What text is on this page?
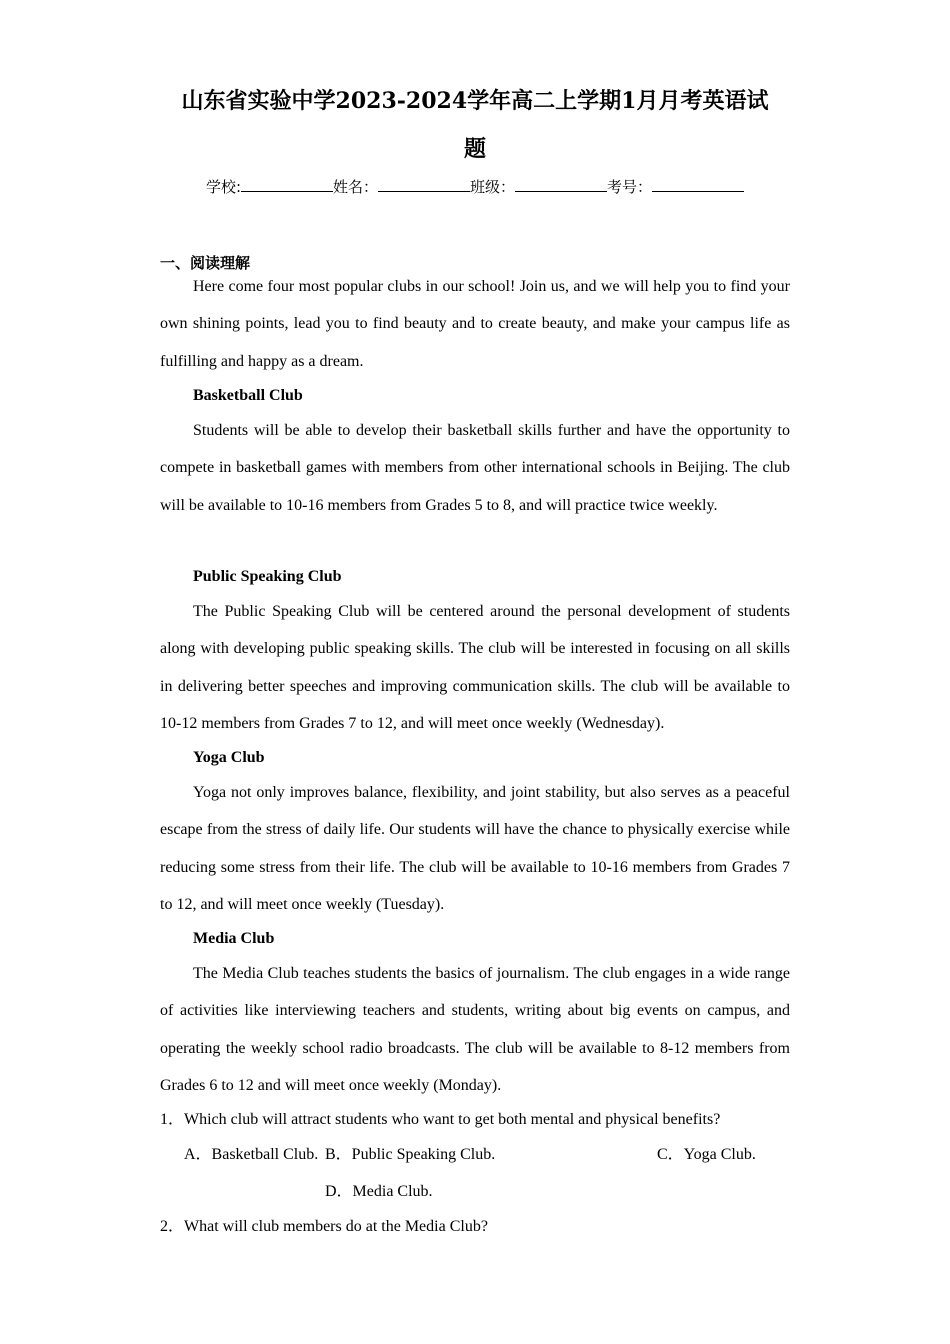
山东省实验中学2023-2024学年高二上学期1月月考英语试
题
学校:	姓名：	班级：	考号：
一、阅读理解

Here come four most popular clubs in our school! Join us, and we will help you to find your own shining points, lead you to find beauty and to create beauty, and make your campus life as fulfilling and happy as a dream.

Basketball Club

Students will be able to develop their basketball skills further and have the opportunity to compete in basketball games with members from other international schools in Beijing. The club will be available to 10-16 members from Grades 5 to 8, and will practice twice weekly.

Public Speaking Club

The Public Speaking Club will be centered around the personal development of students along with developing public speaking skills. The club will be interested in focusing on all skills in delivering better speeches and improving communication skills. The club will be available to 10-12 members from Grades 7 to 12, and will meet once weekly (Wednesday).

Yoga Club

Yoga not only improves balance, flexibility, and joint stability, but also serves as a peaceful escape from the stress of daily life. Our students will have the chance to physically exercise while reducing some stress from their life. The club will be available to 10-16 members from Grades 7 to 12, and will meet once weekly (Tuesday).

Media Club

The Media Club teaches students the basics of journalism. The club engages in a wide range of activities like interviewing teachers and students, writing about big events on campus, and operating the weekly school radio broadcasts. The club will be available to 8-12 members from Grades 6 to 12 and will meet once weekly (Monday).

1．Which club will attract students who want to get both mental and physical benefits?

A．Basketball Club. B．Public Speaking Club.	C．Yoga Club.

D．Media Club.

2．What will club members do at the Media Club?
